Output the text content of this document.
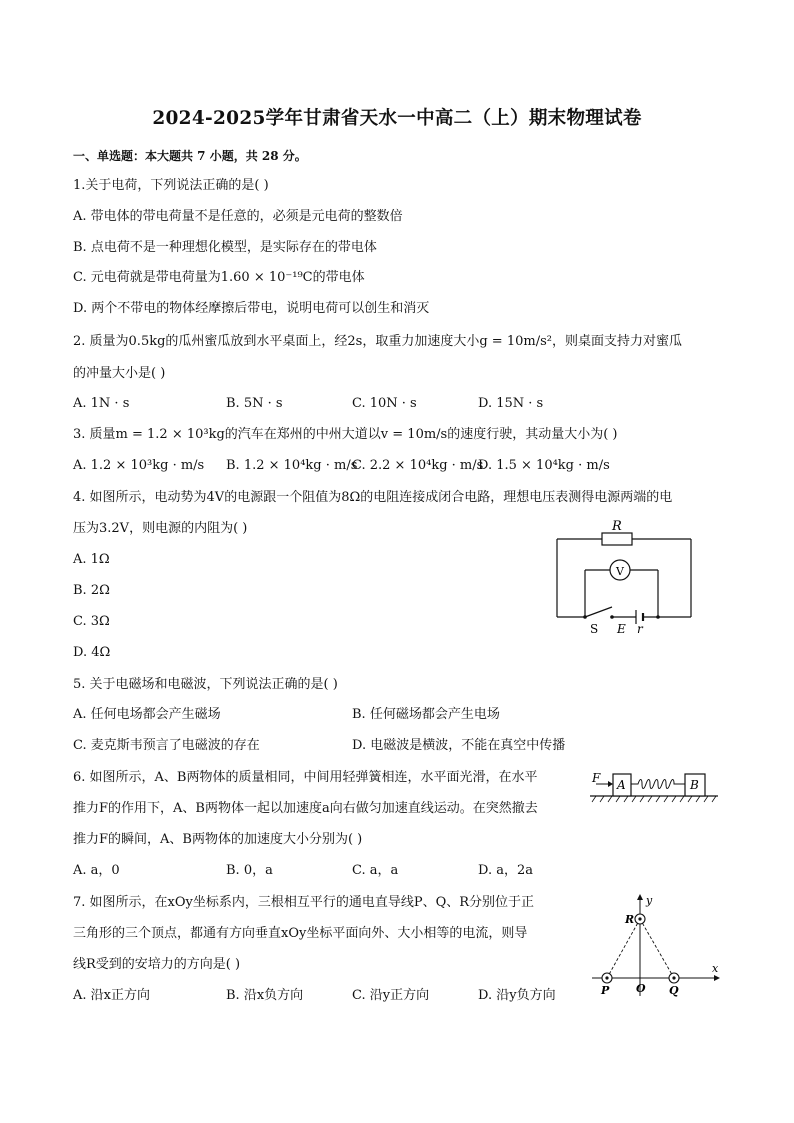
2024-2025学年甘肃省天水一中高二（上）期末物理试卷
一、单选题：本大题共 7 小题，共 28 分。
1.关于电荷，下列说法正确的是( )
A. 带电体的带电荷量不是任意的，必须是元电荷的整数倍
B. 点电荷不是一种理想化模型，是实际存在的带电体
C. 元电荷就是带电荷量为1.60 × 10⁻¹⁹C的带电体
D. 两个不带电的物体经摩擦后带电，说明电荷可以创生和消灭
2. 质量为0.5kg的瓜州蜜瓜放到水平桌面上，经2s，取重力加速度大小g = 10m/s²，则桌面支持力对蜜瓜
的冲量大小是( )
A. 1N · s	B. 5N · s	C. 10N · s	D. 15N · s
3. 质量m = 1.2 × 10³kg的汽车在郑州的中州大道以v = 10m/s的速度行驶，其动量大小为( )
A. 1.2 × 10³kg · m/s B. 1.2 × 10⁴kg · m/s
C. 2.2 × 10⁴kg · m/s
D. 1.5 × 10⁴kg · m/s
4. 如图所示，电动势为4V的电源跟一个阻值为8Ω的电阻连接成闭合电路，理想电压表测得电源两端的电
压为3.2V，则电源的内阻为( )
A. 1Ω
B. 2Ω
C. 3Ω
D. 4Ω
R
V
S E r
5. 关于电磁场和电磁波，下列说法正确的是( )
A. 任何电场都会产生磁场	B. 任何磁场都会产生电场
C. 麦克斯韦预言了电磁波的存在	D. 电磁波是横波，不能在真空中传播
6. 如图所示，A、B两物体的质量相同，中间用轻弹簧相连，水平面光滑，在水平
推力F的作用下，A、B两物体一起以加速度a向右做匀加速直线运动。在突然撤去
推力F的瞬间，A、B两物体的加速度大小分别为( )
A. a，0	B. 0，a	C. a，a	D. a，2a
F A	B
7. 如图所示，在xOy坐标系内，三根相互平行的通电直导线P、Q、R分别位于正
三角形的三个顶点，都通有方向垂直xOy坐标平面向外、大小相等的电流，则导
线R受到的安培力的方向是( )
A. 沿x正方向	B. 沿x负方向	C. 沿y正方向	D. 沿y负方向
y
x
R
P O Q
